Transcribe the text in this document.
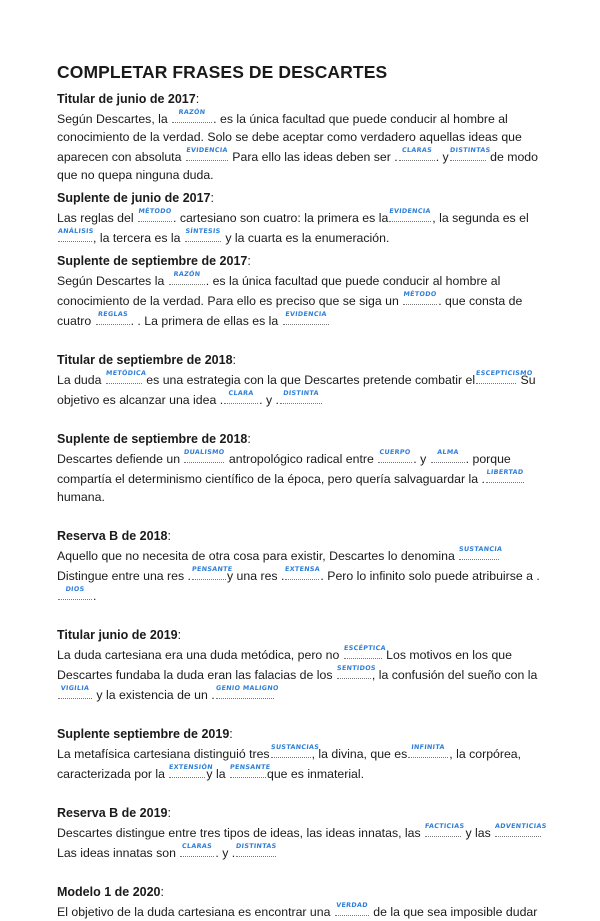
COMPLETAR FRASES DE DESCARTES
Titular de junio de 2017:

Según Descartes, la	RAZÓN . es la única facultad que puede conducir al hombre al conocimiento de la verdad. Solo se debe aceptar como verdadero aquellas ideas que aparecen con absoluta EVIDENCIA Para ello las ideas deben ser . CLARAS . y DISTINTAS
de modo que no quepa ninguna duda.

Suplente de junio de 2017:

Las reglas del MÉTODO . cartesiano son cuatro: la primera es la EVIDENCIA , la segunda es el
ANÁLISIS
, la tercera es la SÍNTESIS y la cuarta es la enumeración.

Suplente de septiembre de 2017:

Según Descartes la RAZÓN . es la única facultad que puede conducir al hombre al conocimiento de la verdad. Para ello es preciso que se siga un MÉTODO . que consta de cuatro REGLAS . . La primera de ellas es la EVIDENCIA

Titular de septiembre de 2018:

La duda METÓDICA
es una estrategia con la que Descartes pretende combatir el ESCEPTICISMO
Su objetivo es alcanzar una idea . CLARA . y . DISTINTA

Suplente de septiembre de 2018:

Descartes defiende un DUALISMO antropológico radical entre CUERPO . y	ALMA . porque compartía el determinismo científico de la época, pero quería salvaguardar la . LIBERTAD
humana.

Reserva B de 2018:

Aquello que no necesita de otra cosa para existir, Descartes lo denomina SUSTANCIA
Distingue entre una res . PENSANTE
y una res . EXTENSA . Pero lo infinito solo puede atribuirse a .
DIOS .

Titular junio de 2019:

La duda cartesiana era una duda metódica, pero no ESCÉPTICA
Los motivos en los que Descartes fundaba la duda eran las falacias de los SENTIDOS
, la confusión del sueño con la
VIGILIA y la existencia de un . GENIO MALIGNO

Suplente septiembre de 2019:

La metafísica cartesiana distinguió tres SUSTANCIAS
, la divina, que es INFINITA , la corpórea, caracterizada por la EXTENSIÓN
y la PENSANTE
que es inmaterial.

Reserva B de 2019:

Descartes distingue entre tres tipos de ideas, las ideas innatas, las FACTICIAS
y las ADVENTICIAS
Las ideas innatas son CLARAS . y . DISTINTAS

Modelo 1 de 2020:

El objetivo de la duda cartesiana es encontrar una VERDAD de la que sea imposible dudar
